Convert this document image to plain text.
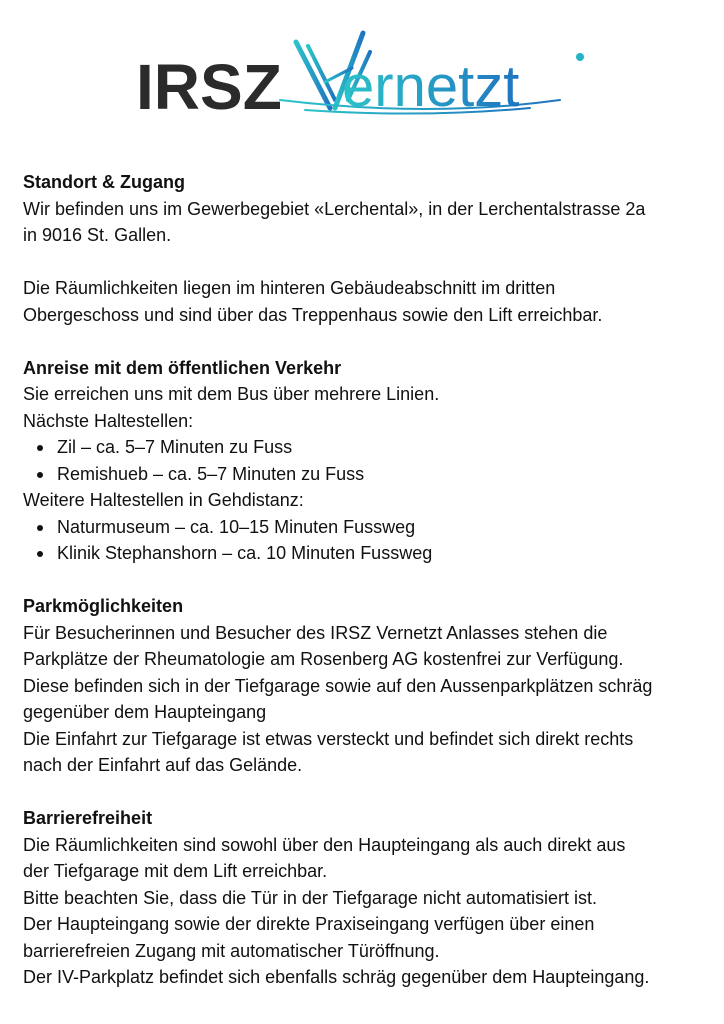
IRSZ ernetzt

Standort & Zugang

Wir befinden uns im Gewerbegebiet «Lerchental», in der Lerchentalstrasse 2a

in 9016 St. Gallen.

Die Räumlichkeiten liegen im hinteren Gebäudeabschnitt im dritten

Obergeschoss und sind über das Treppenhaus sowie den Lift erreichbar.

Anreise mit dem öffentlichen Verkehr

Sie erreichen uns mit dem Bus über mehrere Linien.

Nächste Haltestellen:

Zil – ca. 5–7 Minuten zu Fuss
Remishueb – ca. 5–7 Minuten zu Fuss

Weitere Haltestellen in Gehdistanz:

Naturmuseum – ca. 10–15 Minuten Fussweg
Klinik Stephanshorn – ca. 10 Minuten Fussweg

Parkmöglichkeiten

Für Besucherinnen und Besucher des IRSZ Vernetzt Anlasses stehen die

Parkplätze der Rheumatologie am Rosenberg AG kostenfrei zur Verfügung.

Diese befinden sich in der Tiefgarage sowie auf den Aussenparkplätzen schräg

gegenüber dem Haupteingang

Die Einfahrt zur Tiefgarage ist etwas versteckt und befindet sich direkt rechts

nach der Einfahrt auf das Gelände.

Barrierefreiheit

Die Räumlichkeiten sind sowohl über den Haupteingang als auch direkt aus

der Tiefgarage mit dem Lift erreichbar.

Bitte beachten Sie, dass die Tür in der Tiefgarage nicht automatisiert ist.

Der Haupteingang sowie der direkte Praxiseingang verfügen über einen

barrierefreien Zugang mit automatischer Türöffnung.

Der IV-Parkplatz befindet sich ebenfalls schräg gegenüber dem Haupteingang.
